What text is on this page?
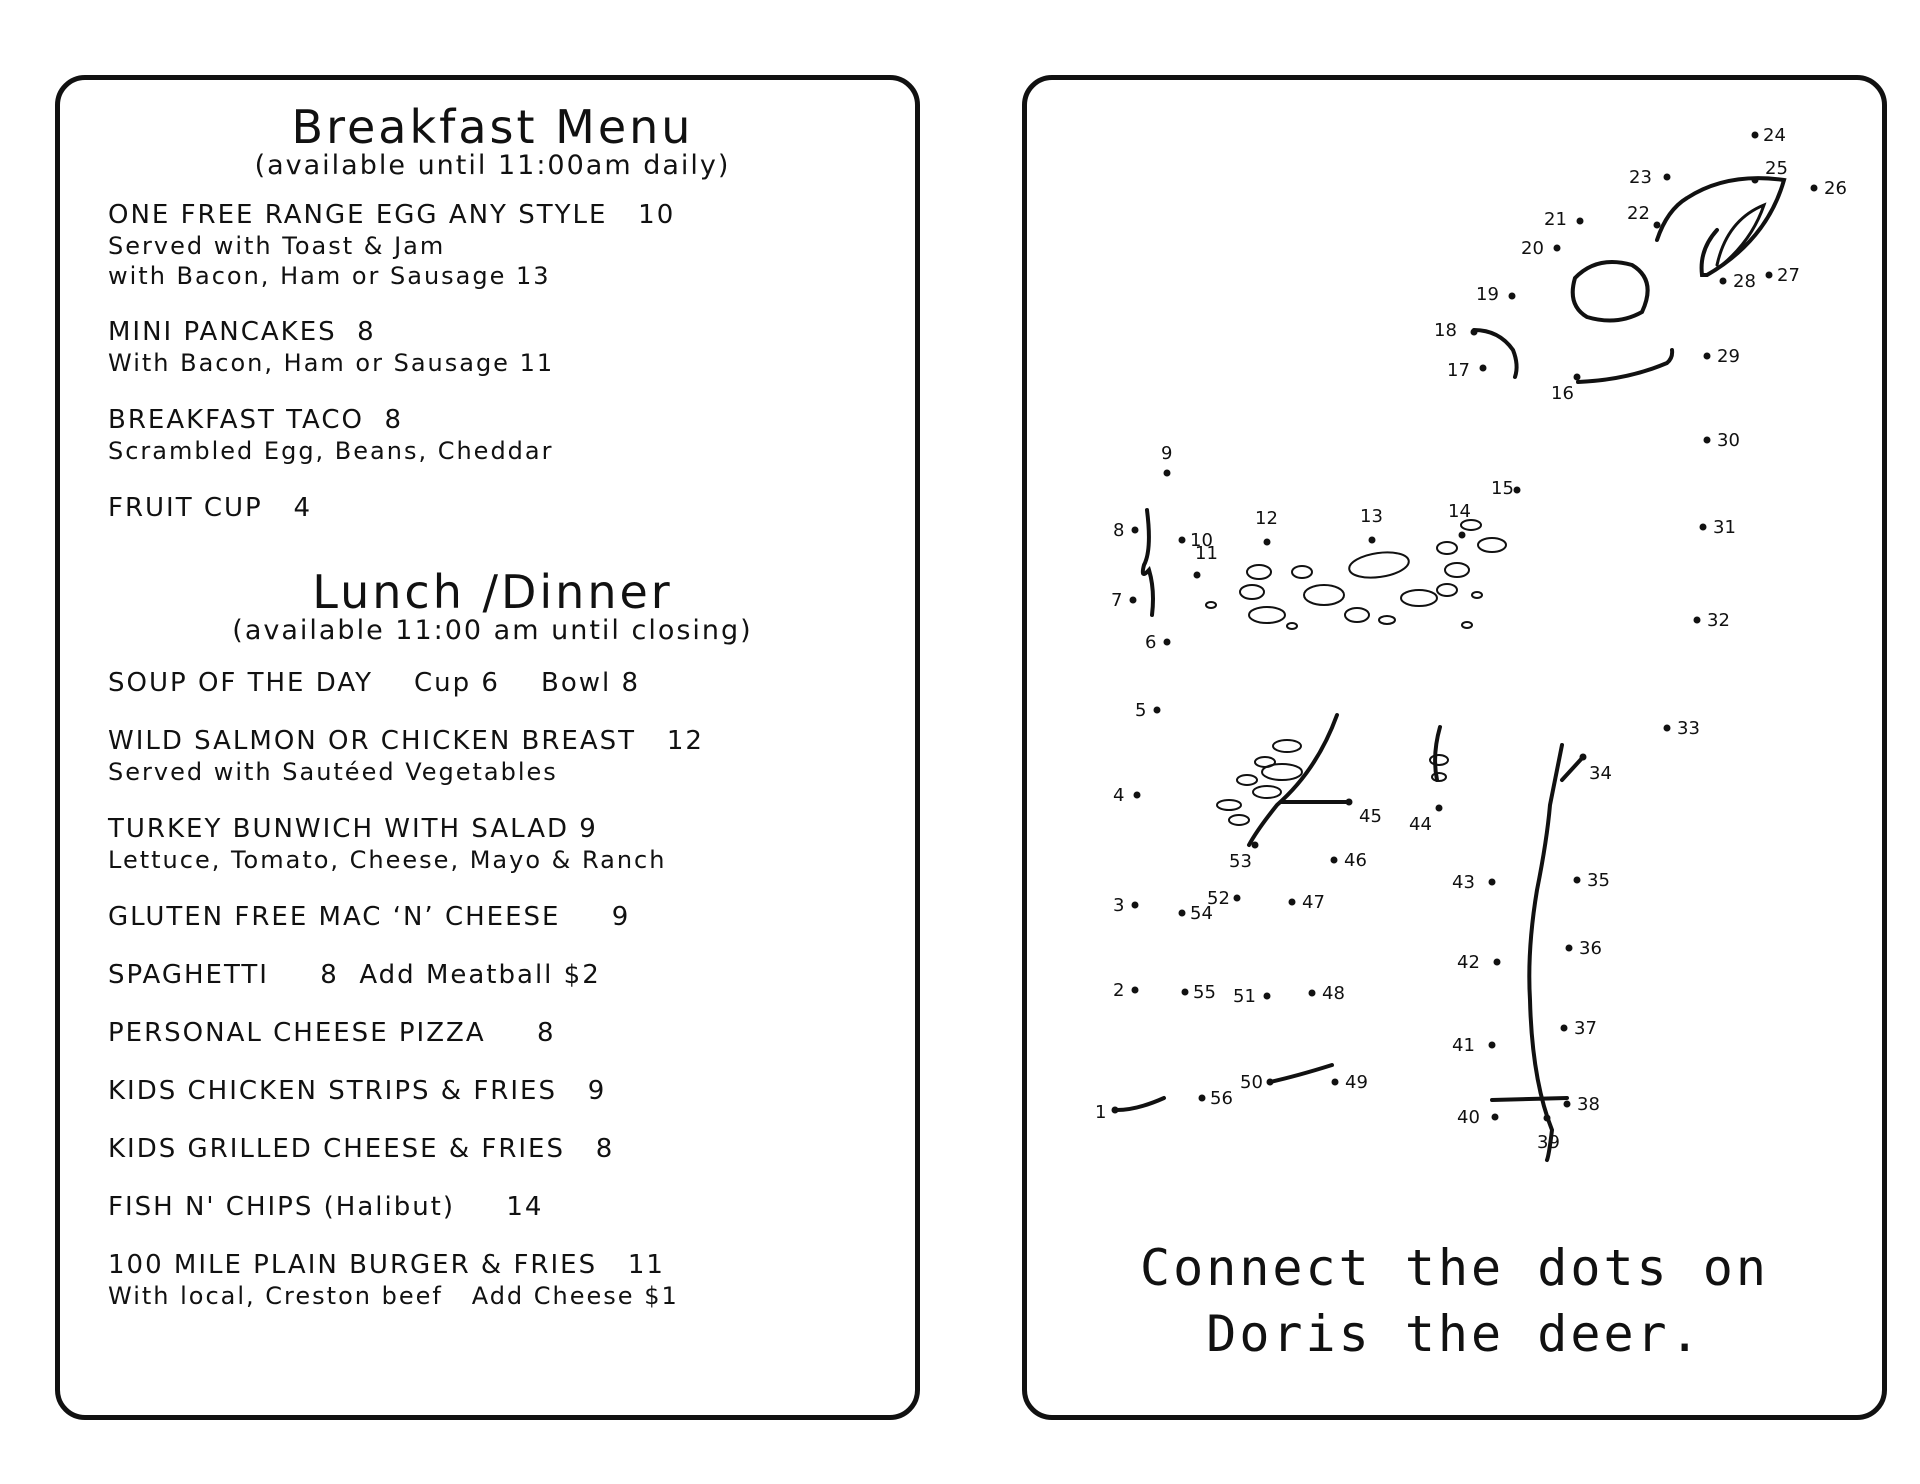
Breakfast Menu
(available until 11:00am daily)
ONE FREE RANGE EGG ANY STYLE   10
Served with Toast & Jam
with Bacon, Ham or Sausage 13
MINI PANCAKES  8
With Bacon, Ham or Sausage 11
BREAKFAST TACO  8
Scrambled Egg, Beans, Cheddar
FRUIT CUP   4
Lunch /Dinner
(available 11:00 am until closing)
SOUP OF THE DAY    Cup 6    Bowl 8
WILD SALMON OR CHICKEN BREAST   12
Served with Sautéed Vegetables
TURKEY BUNWICH WITH SALAD 9
Lettuce, Tomato, Cheese, Mayo & Ranch
GLUTEN FREE MAC ‘N’ CHEESE     9
SPAGHETTI     8  Add Meatball $2
PERSONAL CHEESE PIZZA     8
KIDS CHICKEN STRIPS & FRIES   9
KIDS GRILLED CHEESE & FRIES   8
FISH N' CHIPS (Halibut)     14
100 MILE PLAIN BURGER & FRIES   11
With local, Creston beef   Add Cheese $1
1
2
3
4
5
6
7
8
9
10
11
12	13	14
15
16
17
18
19
20
21	22
23
24
25
26
27
28
29
30
31
32
33
34
35
36
37
38
39
40
41
42
43
44
45
46
47
48
49
50
51
52
53
54
55
56
Connect the dots on
Doris the deer.
